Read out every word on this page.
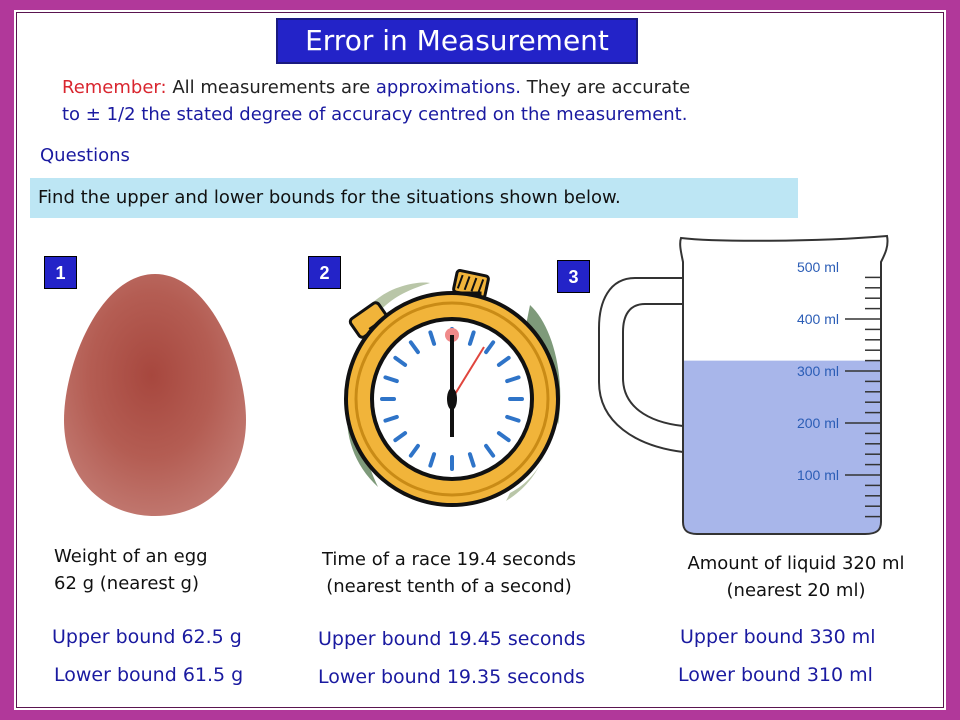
Error in Measurement
Remember: All measurements are approximations. They are accurate
to ± 1/2 the stated degree of accuracy centred on the measurement.
Questions
Find the upper and lower bounds for the situations shown below.
1	2	3	500 ml
400 ml
300 ml
200 ml
100 ml
Weight of an egg
62 g (nearest g)
Time of a race 19.4 seconds
(nearest tenth of a second)
Amount of liquid 320 ml
(nearest 20 ml)
Upper bound 62.5 g
Lower bound 61.5 g
Upper bound 19.45 seconds
Lower bound 19.35 seconds
Upper bound 330 ml
Lower bound 310 ml
